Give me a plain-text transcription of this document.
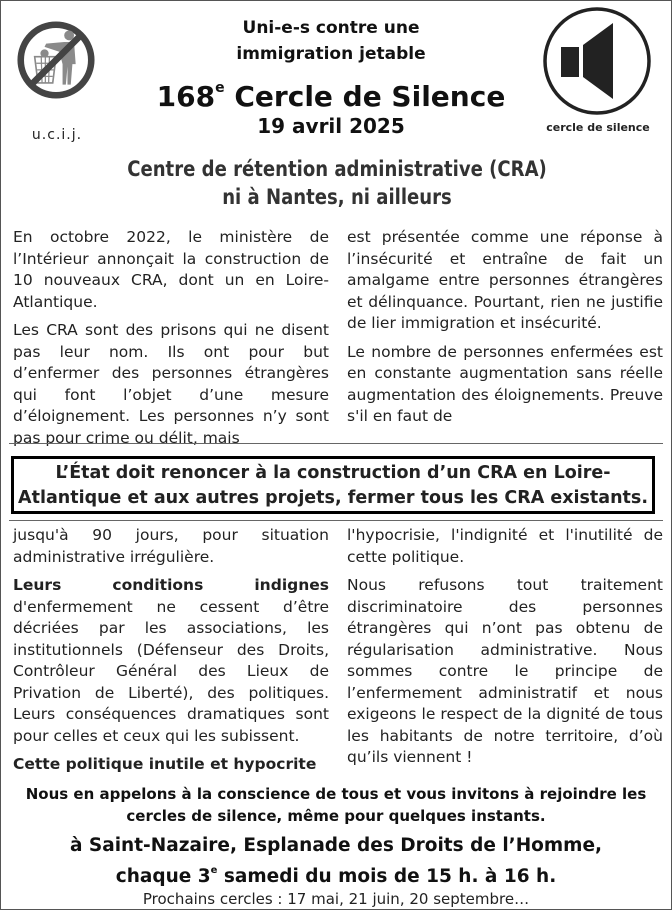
u.c.i.j.	cercle de silence
Uni-e-s contre une
immigration jetable
168e Cercle de Silence
19 avril 2025
Centre de rétention administrative (CRA)
ni à Nantes, ni ailleurs

En octobre 2022, le ministère de l’Intérieur annonçait la construction de 10 nouveaux CRA, dont un en Loire-Atlantique.

Les CRA sont des prisons qui ne disent pas leur nom. Ils ont pour but d’enfermer des personnes étrangères qui font l’objet d’une mesure d’éloignement. Les personnes n’y sont pas pour crime ou délit, mais

est présentée comme une réponse à l’insécurité et entraîne de fait un amalgame entre personnes étrangères et délinquance. Pourtant, rien ne justifie de lier immigration et insécurité.

Le nombre de personnes enfermées est en constante augmentation sans réelle augmentation des éloignements. Preuve s'il en faut de

L’État doit renoncer à la construction d’un CRA en Loire-
Atlantique et aux autres projets, fermer tous les CRA existants.

jusqu'à 90 jours, pour situation administrative irrégulière.

Leurs conditions indignes d'enfermement ne cessent d’être décriées par les associations, les institutionnels (Défenseur des Droits, Contrôleur Général des Lieux de Privation de Liberté), des politiques. Leurs conséquences dramatiques sont pour celles et ceux qui les subissent.

Cette politique inutile et hypocrite

l'hypocrisie, l'indignité et l'inutilité de cette politique.

Nous refusons tout traitement discriminatoire des personnes étrangères qui n’ont pas obtenu de régularisation administrative. Nous sommes contre le principe de l’enfermement administratif et nous exigeons le respect de la dignité de tous les habitants de notre territoire, d’où qu’ils viennent !

Nous en appelons à la conscience de tous et vous invitons à rejoindre les
cercles de silence, même pour quelques instants.
à Saint-Nazaire, Esplanade des Droits de l’Homme,
chaque 3e samedi du mois de 15 h. à 16 h.
Prochains cercles : 17 mai, 21 juin, 20 septembre…
